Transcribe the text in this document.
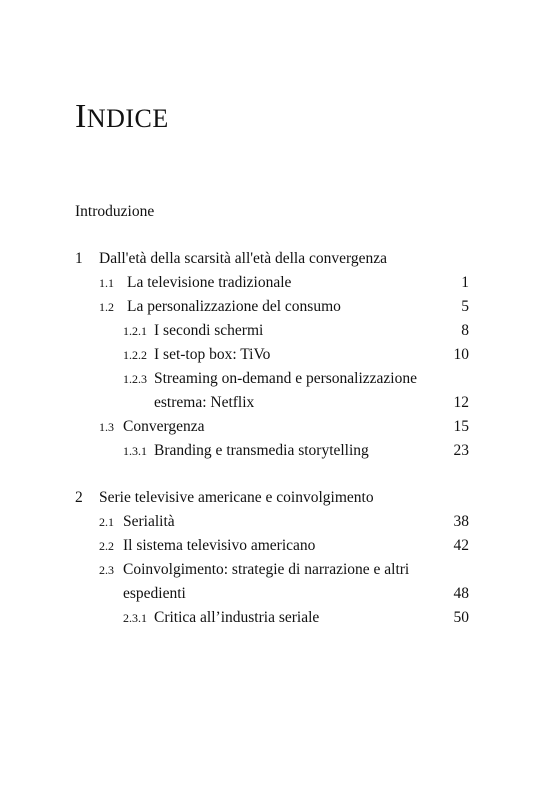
INDICE
Introduzione
1 Dall'età della scarsità all'età della convergenza
1.1 La televisione tradizionale	1
1.2 La personalizzazione del consumo	5
1.2.1 I secondi schermi	8
1.2.2 I set-top box: TiVo	10
1.2.3 Streaming on-demand e personalizzazione
estrema: Netflix	12
1.3 Convergenza	15
1.3.1 Branding e transmedia storytelling	23
2 Serie televisive americane e coinvolgimento
2.1 Serialità	38
2.2 Il sistema televisivo americano	42
2.3 Coinvolgimento: strategie di narrazione e altri
espedienti	48
2.3.1 Critica all’industria seriale	50
